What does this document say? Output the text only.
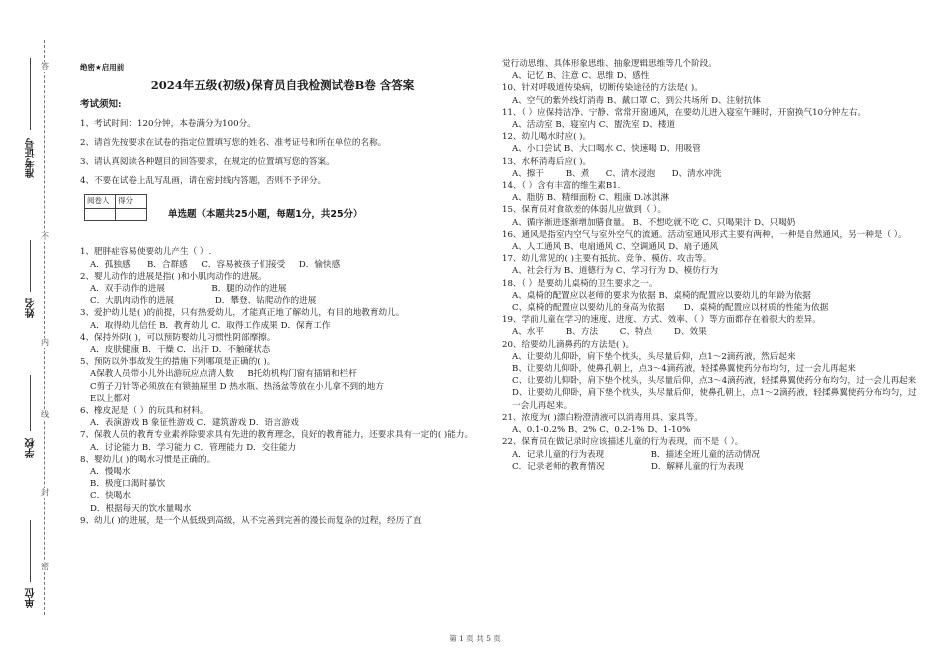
答
不
内
线
封
密
准考证号
姓名
学校
单位
绝密★启用前
2024年五级(初级)保育员自我检测试卷B卷 含答案
考试须知:
1、考试时间：120分钟，本卷满分为100分。
2、请首先按要求在试卷的指定位置填写您的姓名、准考证号和所在单位的名称。
3、请认真阅读各种题目的回答要求，在规定的位置填写您的答案。
4、不要在试卷上乱写乱画，请在密封线内答题，否则不予评分。
阅卷人	得分

单选题（本题共25小题，每题1分，共25分）
1、肥胖症容易使要幼儿产生（ ）.
A．孤独感      B．合群感     C．容易被孩子们接受     D．愉快感
2、婴儿动作的进展是指( )和小肌肉动作的进展。
A．双手动作的进展                 B．腿的动作的进展
C．大肌肉动作的进展               D．攀登、钻爬动作的进展
3、爱护幼儿是( )的前提，只有热爱幼儿，才能真正地了解幼儿，有目的地教育幼儿。
A．取得幼儿信任 B．教育幼儿 C．取得工作成果 D．保育工作
4、保持外阴( )，可以预防婴幼儿习惯性阴部摩擦。
A．皮肤健康 B．干燥 C．出汗 D．不触碰状态
5、预防以外事故发生的措施下列哪项是正确的( )。
A保教人员带小儿外出游玩应点清人数     B托幼机构门窗有插销和栏杆
C剪子刀针等必须放在有锁抽屉里 D 热水瓶、热汤盆等放在小儿拿不到的地方
E以上都对
6、橡皮泥是（ ）的玩具和材料。
A．表演游戏 B 象征性游戏 C．建筑游戏 D．语言游戏
7、保教人员的教育专业素养除要求具有先进的教育理念，良好的教育能力，还要求具有一定的( )能力。
A．讨论能力 B．学习能力 C．管理能力 D．交往能力
8、婴幼儿( )的喝水习惯是正确的。
A．慢喝水
B．极度口渴时暴饮
C．快喝水
D．根据每天的饮水量喝水
9、幼儿( )的进展，是一个从低级到高级，从不完善到完善的漫长而复杂的过程，经历了直
觉行动思维、具体形象思维、抽象逻辑思维等几个阶段。
A、记忆 B、注意 C、思维 D、感性
10、针对呼吸道传染病，切断传染途径的方法是( )。
A、空气的紫外线灯消毒 B、戴口罩 C、到公共场所 D、注射抗体
11、（ ）应保持洁净、宁静、常常开窗通风，在要幼儿进入寝室午睡时，开窗换气10分钟左右。
A、活动室 B、寝室内 C、盥洗室 D、楼道
12、幼儿喝水时应( )。
A、小口尝试 B、大口喝水 C、快速喝 D、用吸管
13、水杯消毒后应( )。
A、擦干        B、煮      C、清水浸泡      D、清水冲洗
14、（ ）含有丰富的维生素B1.
A、脂肪 B、精细面粉 C、粗康 D.冰淇淋
15、保育员对食欲差的体弱儿应做到（ ）。
A、循序渐进逐渐增加膳食量。 B、不想吃就不吃 C、只喝果汁 D、只喝奶
16、通风是指室内空气与室外空气的流通。活动室通风形式主要有两种，一种是自然通风，另一种是（ ）。
A、人工通风 B、电扇通风 C、空调通风 D、扇子通风
17、幼儿常见的( )主要有抵抗、竞争、模仿、攻击等。
A、社会行为 B、道德行为 C、学习行为 D、模仿行为
18、（ ）是要幼儿桌椅的卫生要求之一。
A、桌椅的配置应以老师的要求为依据 B、桌椅的配置应以要幼儿的年龄为依据
C、桌椅的配置应以要幼儿的身高为依据       D、桌椅的配置应以材质的性能为依据
19、学前儿童在学习的速度、进度、方式、效率、（ ）等方面都存在着很大的差异。
A、水平        B、方法        C、特点        D、效果
20、给要幼儿滴鼻药的方法是( )。
A、让要幼儿仰卧，肩下垫个枕头，头尽量后仰，点1～2滴药液，然后起来
B、让要幼儿仰卧，使鼻孔朝上，点3～4滴药液，轻揉鼻翼使药分布均匀，过一会儿再起来
C、让要幼儿仰卧，肩下垫个枕头，头尽量后仰，点3～4滴药液，轻揉鼻翼使药分布均匀，过一会儿再起来
D、让要幼儿仰卧，肩下垫个枕头，头尽量后仰，使鼻孔朝上，点1～2滴药液，轻揉鼻翼使药分布均匀，过一会儿再起来。
21、浓度为( )漂白粉澄清液可以消毒用具、家具等。
A、0.1-0.2% B、2% C、0.2-1% D、1-10%
22、保育员在做记录时应该描述儿童的行为表现，而不是（ ）。
A．记录儿童的行为表现                 B．描述全班儿童的活动情况
C．记录老师的教育情况                 D．解释儿童的行为表现
第 1 页 共 5 页
